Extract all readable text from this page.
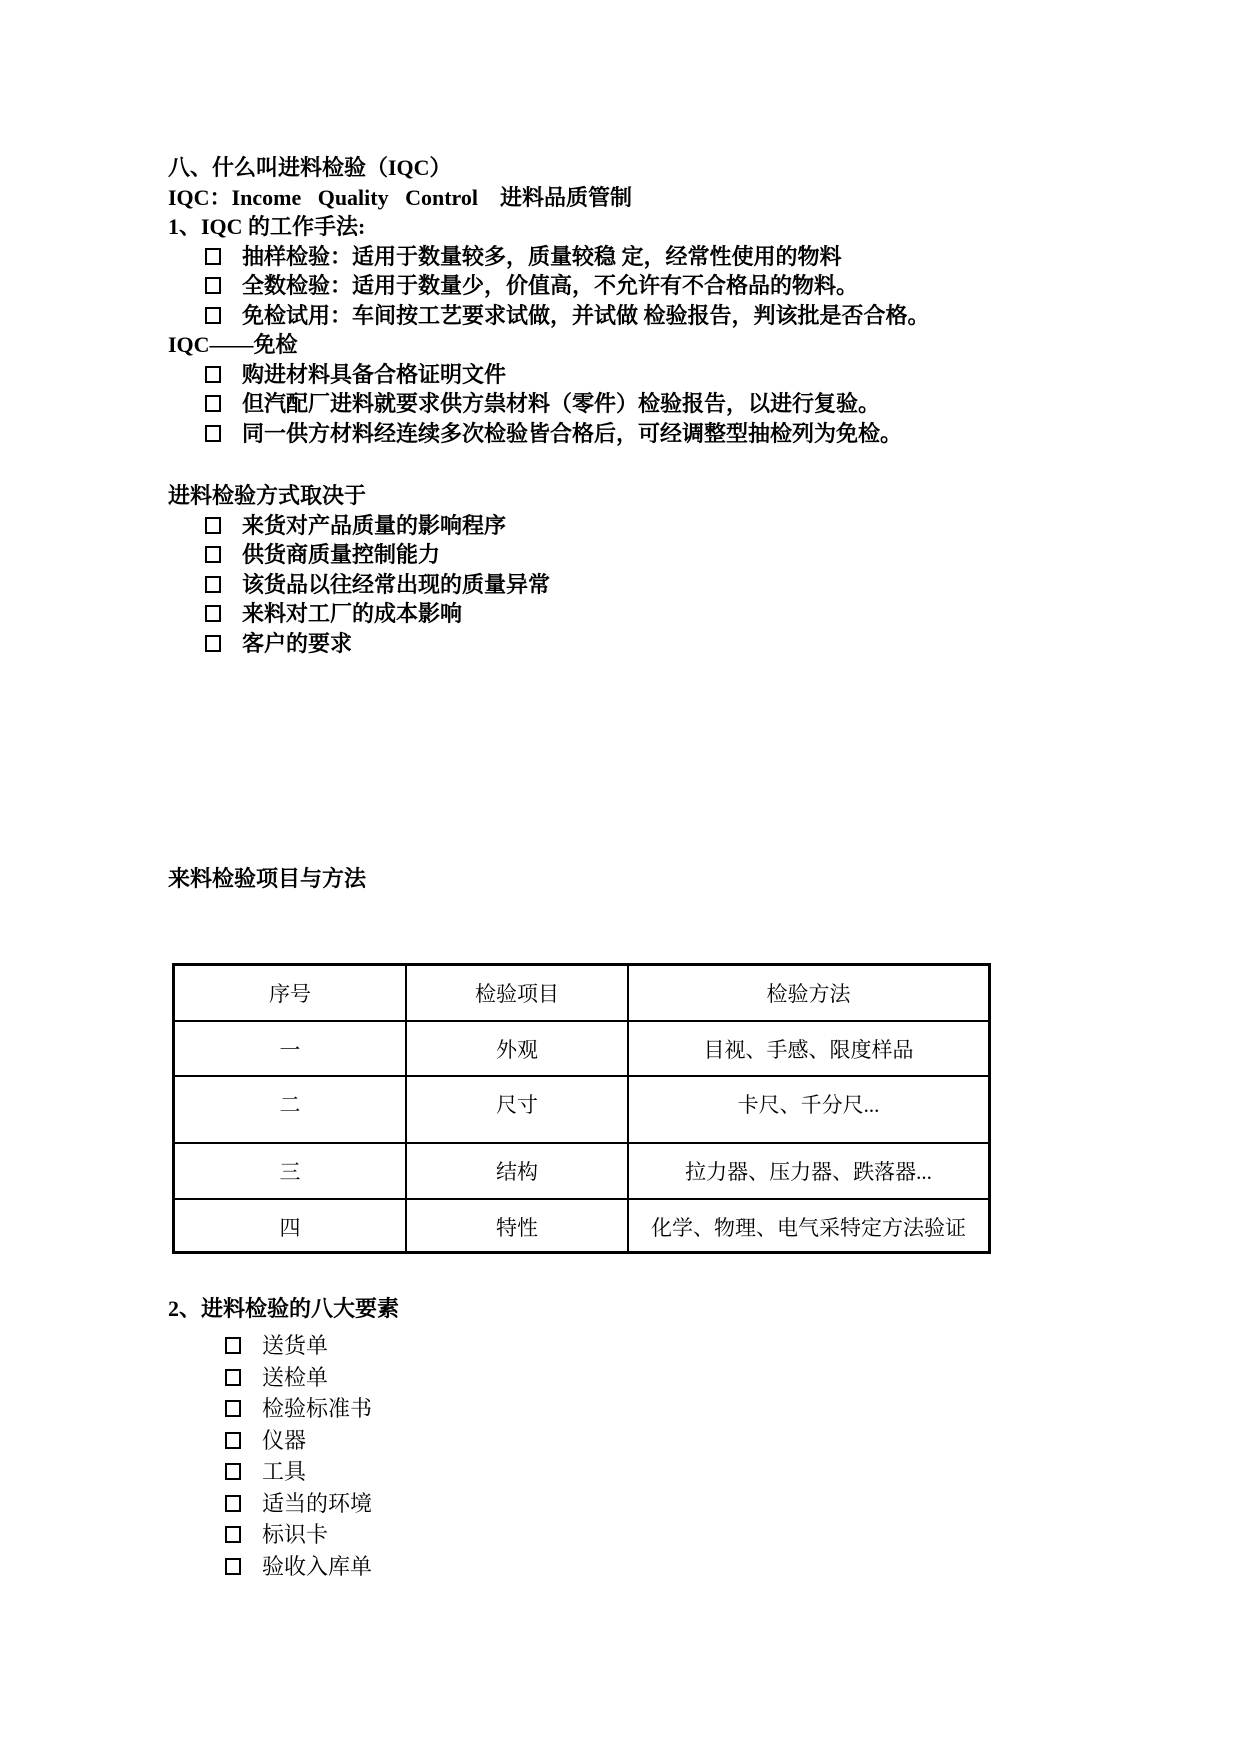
八、什么叫进料检验（IQC）
IQC：Income   Quality   Control    进料品质管制
1、IQC 的工作手法:
抽样检验：适用于数量较多，质量较稳 定，经常性使用的物料
全数检验：适用于数量少，价值高，不允许有不合格品的物料。
免检试用：车间按工艺要求试做，并试做 检验报告，判该批是否合格。
IQC——免检
购进材料具备合格证明文件
但汽配厂进料就要求供方祟材料（零件）检验报告，以进行复验。
同一供方材料经连续多次检验皆合格后，可经调整型抽检列为免检。
进料检验方式取决于
来货对产品质量的影响程序
供货商质量控制能力
该货品以往经常出现的质量异常
来料对工厂的成本影响
客户的要求
来料检验项目与方法
序号	检验项目	检验方法
一	外观	目视、手感、限度样品
二	尺寸	卡尺、千分尺...
三	结构	拉力器、压力器、跌落器...
四	特性	化学、物理、电气采特定方法验证
2、进料检验的八大要素
送货单
送检单
检验标准书
仪器
工具
适当的环境
标识卡
验收入库单
